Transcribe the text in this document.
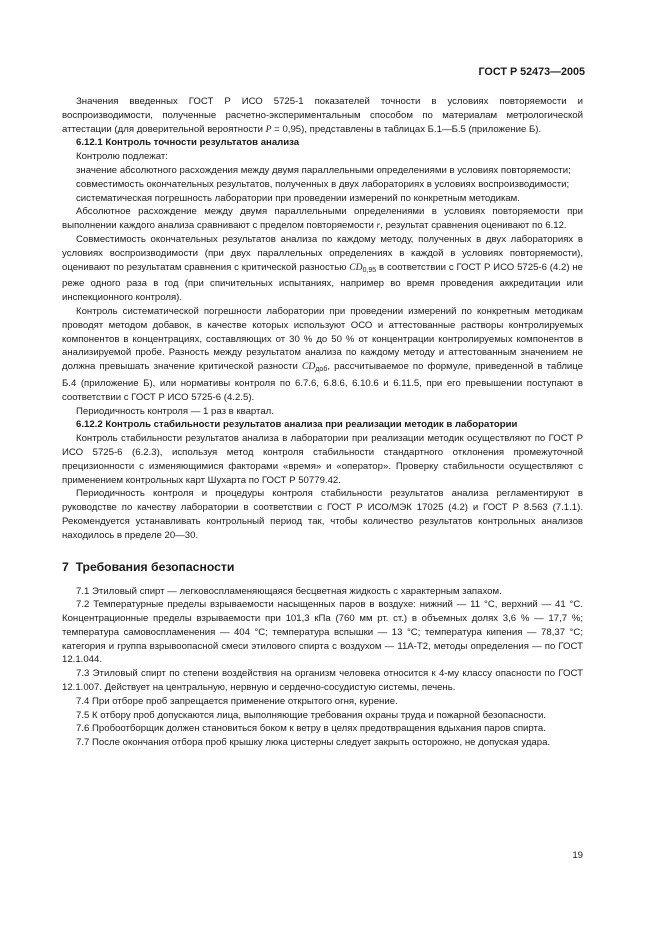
ГОСТ Р 52473—2005

Значения введенных ГОСТ Р ИСО 5725-1 показателей точности в условиях повторяемости и воспроизводимости, полученные расчетно-экспериментальным способом по материалам метрологической аттестации (для доверительной вероятности P = 0,95), представлены в таблицах Б.1—Б.5 (приложение Б).

6.12.1 Контроль точности результатов анализа

Контролю подлежат:

значение абсолютного расхождения между двумя параллельными определениями в условиях повторяемости;

совместимость окончательных результатов, полученных в двух лабораториях в условиях воспроизводимости;

систематическая погрешность лаборатории при проведении измерений по конкретным методикам.

Абсолютное расхождение между двумя параллельными определениями в условиях повторяемости при выполнении каждого анализа сравнивают с пределом повторяемости r, результат сравнения оценивают по 6.12.

Совместимость окончательных результатов анализа по каждому методу, полученных в двух лабораториях в условиях воспроизводимости (при двух параллельных определениях в каждой в условиях повторяемости), оценивают по результатам сравнения с критической разностью $CD_{0,95}$ в соответствии с ГОСТ Р ИСО 5725-6 (4.2) не реже одного раза в год (при спичительных испытаниях, например во время проведения аккредитации или инспекционного контроля).

Контроль систематической погрешности лаборатории при проведении измерений по конкретным методикам проводят методом добавок, в качестве которых используют ОСО и аттестованные растворы контролируемых компонентов в концентрациях, составляющих от 30 % до 50 % от концентрации контролируемых компонентов в анализируемой пробе. Разность между результатом анализа по каждому методу и аттестованным значением не должна превышать значение критической разности $CD_{доб}$, рассчитываемое по формуле, приведенной в таблице Б.4 (приложение Б), или нормативы контроля по 6.7.6, 6.8.6, 6.10.6 и 6.11.5, при его превышении поступают в соответствии с ГОСТ Р ИСО 5725-6 (4.2.5).

Периодичность контроля — 1 раз в квартал.

6.12.2 Контроль стабильности результатов анализа при реализации методик в лаборатории

Контроль стабильности результатов анализа в лаборатории при реализации методик осуществляют по ГОСТ Р ИСО 5725-6 (6.2.3), используя метод контроля стабильности стандартного отклонения промежуточной прецизионности с изменяющимися факторами «время» и «оператор». Проверку стабильности осуществляют с применением контрольных карт Шухарта по ГОСТ Р 50779.42.

Периодичность контроля и процедуры контроля стабильности результатов анализа регламентируют в руководстве по качеству лаборатории в соответствии с ГОСТ Р ИСО/МЭК 17025 (4.2) и ГОСТ Р 8.563 (7.1.1). Рекомендуется устанавливать контрольный период так, чтобы количество результатов контрольных анализов находилось в пределе 20—30.

7 Требования безопасности

7.1 Этиловый спирт — легковоспламеняющаяся бесцветная жидкость с характерным запахом.

7.2 Температурные пределы взрываемости насыщенных паров в воздухе: нижний — 11 °С, верхний — 41 °С. Концентрационные пределы взрываемости при 101,3 кПа (760 мм рт. ст.) в объемных долях 3,6 % — 17,7 %; температура самовоспламенения — 404 °С; температура вспышки — 13 °С; температура кипения — 78,37 °С; категория и группа взрывоопасной смеси этилового спирта с воздухом — 11А-Т2, методы определения — по ГОСТ 12.1.044.

7.3 Этиловый спирт по степени воздействия на организм человека относится к 4-му классу опасности по ГОСТ 12.1.007. Действует на центральную, нервную и сердечно-сосудистую системы, печень.

7.4 При отборе проб запрещается применение открытого огня, курение.

7.5 К отбору проб допускаются лица, выполняющие требования охраны труда и пожарной безопасности.

7.6 Пробоотборщик должен становиться боком к ветру в целях предотвращения вдыхания паров спирта.

7.7 После окончания отбора проб крышку люка цистерны следует закрыть осторожно, не допуская удара.

19
